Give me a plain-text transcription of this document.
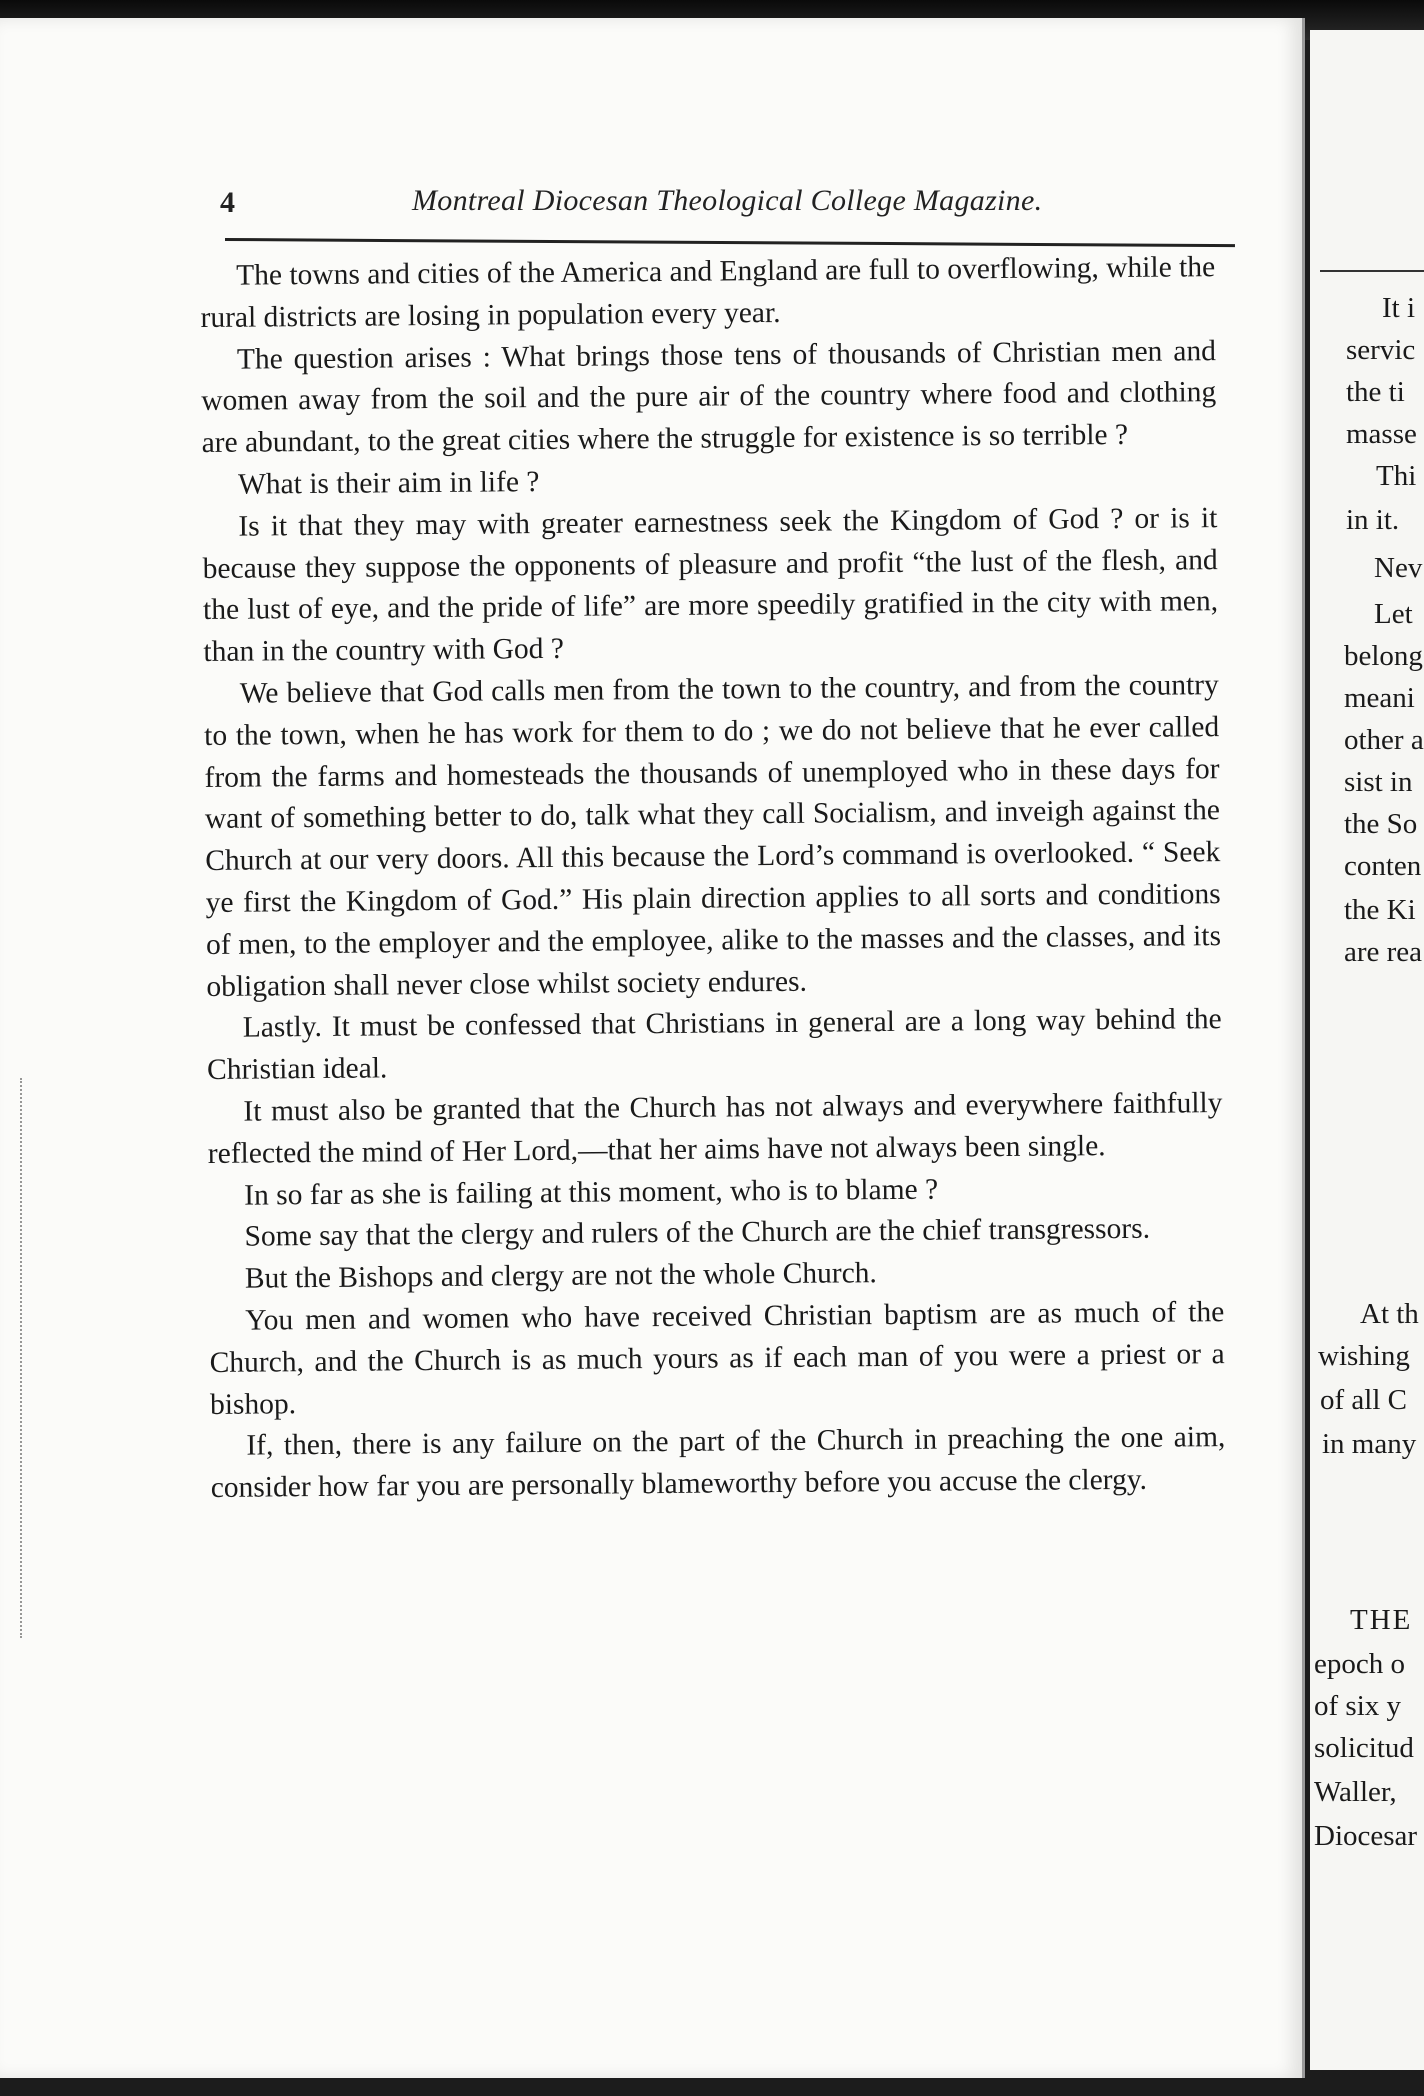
4	Montreal Diocesan Theological College Magazine.

The towns and cities of the America and England are full to overflowing, while the rural districts are losing in population every year.

The question arises : What brings those tens of thousands of Christian men and women away from the soil and the pure air of the country where food and clothing are abundant, to the great cities where the struggle for existence is so terrible ?

What is their aim in life ?

Is it that they may with greater earnestness seek the Kingdom of God ? or is it because they suppose the opponents of pleasure and profit “the lust of the flesh, and the lust of eye, and the pride of life” are more speedily gratified in the city with men, than in the country with God ?

We believe that God calls men from the town to the country, and from the country to the town, when he has work for them to do ; we do not believe that he ever called from the farms and homesteads the thousands of unemployed who in these days for want of something better to do, talk what they call Socialism, and inveigh against the Church at our very doors. All this because the Lord’s command is overlooked. “ Seek ye first the Kingdom of God.” His plain direction applies to all sorts and conditions of men, to the employer and the employee, alike to the masses and the classes, and its obligation shall never close whilst society endures.

Lastly. It must be confessed that Christians in general are a long way behind the Christian ideal.

It must also be granted that the Church has not always and everywhere faithfully reflected the mind of Her Lord,—that her aims have not always been single.

In so far as she is failing at this moment, who is to blame ?

Some say that the clergy and rulers of the Church are the chief transgressors.

But the Bishops and clergy are not the whole Church.

You men and women who have received Christian baptism are as much of the Church, and the Church is as much yours as if each man of you were a priest or a bishop.

If, then, there is any failure on the part of the Church in preaching the one aim, consider how far you are personally blameworthy before you accuse the clergy.

It i
servic
the ti
masse
Thi
in it.
Nev
Let
belong
meani
other a
sist in
the So
conten
the Ki
are rea
At th
wishing
of all C
in many
THE
epoch o
of six y
solicitud
Waller,
Diocesar
